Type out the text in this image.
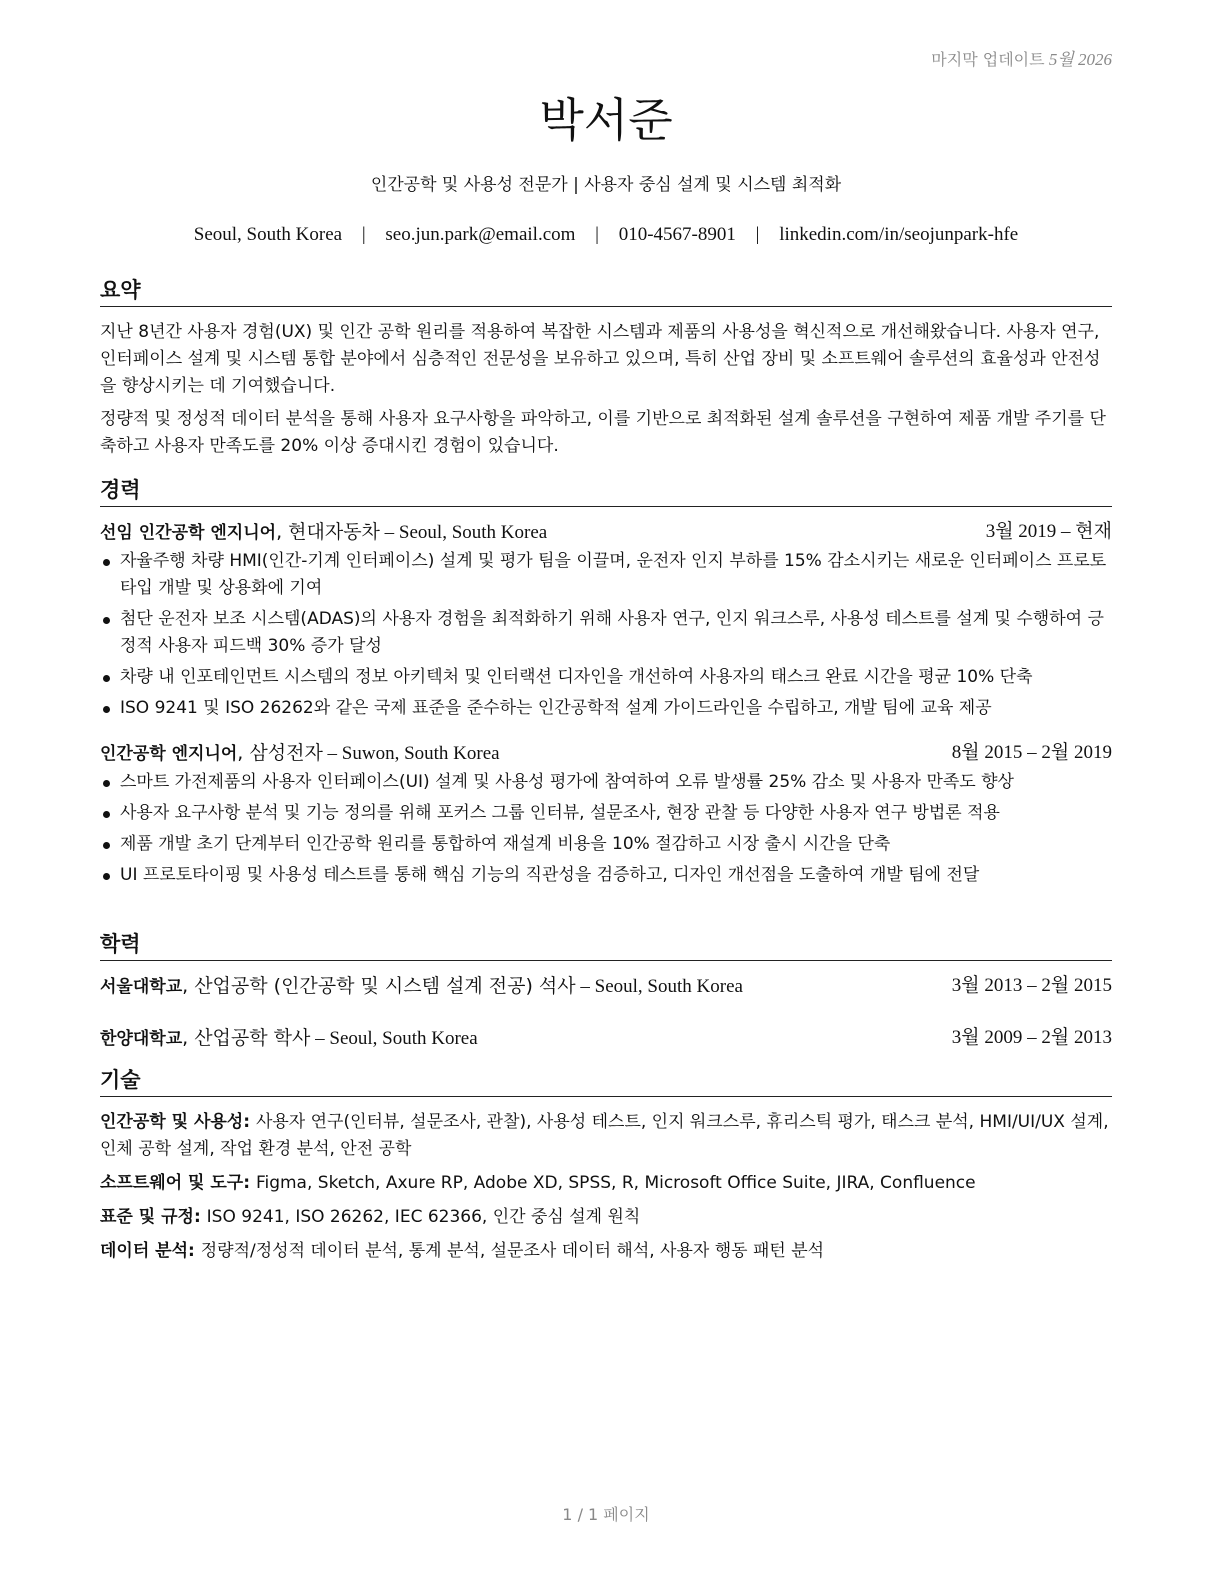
마지막 업데이트 5월 2026
박서준
인간공학 및 사용성 전문가 | 사용자 중심 설계 및 시스템 최적화
Seoul, South Korea | seo.jun.park@email.com | 010-4567-8901 | linkedin.com/in/seojunpark-hfe
요약

지난 8년간 사용자 경험(UX) 및 인간 공학 원리를 적용하여 복잡한 시스템과 제품의 사용성을 혁신적으로 개선해왔습니다. 사용자 연구, 인터페이스 설계 및 시스템 통합 분야에서 심층적인 전문성을 보유하고 있으며, 특히 산업 장비 및 소프트웨어 솔루션의 효율성과 안전성을 향상시키는 데 기여했습니다.

정량적 및 정성적 데이터 분석을 통해 사용자 요구사항을 파악하고, 이를 기반으로 최적화된 설계 솔루션을 구현하여 제품 개발 주기를 단축하고 사용자 만족도를 20% 이상 증대시킨 경험이 있습니다.

경력
선임 인간공학 엔지니어, 현대자동차 – Seoul, South Korea	3월 2019 – 현재
자율주행 차량 HMI(인간-기계 인터페이스) 설계 및 평가 팀을 이끌며, 운전자 인지 부하를 15% 감소시키는 새로운 인터페이스 프로토타입 개발 및 상용화에 기여
첨단 운전자 보조 시스템(ADAS)의 사용자 경험을 최적화하기 위해 사용자 연구, 인지 워크스루, 사용성 테스트를 설계 및 수행하여 긍정적 사용자 피드백 30% 증가 달성
차량 내 인포테인먼트 시스템의 정보 아키텍처 및 인터랙션 디자인을 개선하여 사용자의 태스크 완료 시간을 평균 10% 단축
ISO 9241 및 ISO 26262와 같은 국제 표준을 준수하는 인간공학적 설계 가이드라인을 수립하고, 개발 팀에 교육 제공
인간공학 엔지니어, 삼성전자 – Suwon, South Korea	8월 2015 – 2월 2019
스마트 가전제품의 사용자 인터페이스(UI) 설계 및 사용성 평가에 참여하여 오류 발생률 25% 감소 및 사용자 만족도 향상
사용자 요구사항 분석 및 기능 정의를 위해 포커스 그룹 인터뷰, 설문조사, 현장 관찰 등 다양한 사용자 연구 방법론 적용
제품 개발 초기 단계부터 인간공학 원리를 통합하여 재설계 비용을 10% 절감하고 시장 출시 시간을 단축
UI 프로토타이핑 및 사용성 테스트를 통해 핵심 기능의 직관성을 검증하고, 디자인 개선점을 도출하여 개발 팀에 전달
학력
서울대학교, 산업공학 (인간공학 및 시스템 설계 전공) 석사 – Seoul, South Korea	3월 2013 – 2월 2015
한양대학교, 산업공학 학사 – Seoul, South Korea	3월 2009 – 2월 2013
기술
인간공학 및 사용성: 사용자 연구(인터뷰, 설문조사, 관찰), 사용성 테스트, 인지 워크스루, 휴리스틱 평가, 태스크 분석, HMI/UI/UX 설계, 인체 공학 설계, 작업 환경 분석, 안전 공학
소프트웨어 및 도구: Figma, Sketch, Axure RP, Adobe XD, SPSS, R, Microsoft Office Suite, JIRA, Confluence
표준 및 규정: ISO 9241, ISO 26262, IEC 62366, 인간 중심 설계 원칙
데이터 분석: 정량적/정성적 데이터 분석, 통계 분석, 설문조사 데이터 해석, 사용자 행동 패턴 분석
1 / 1 페이지
